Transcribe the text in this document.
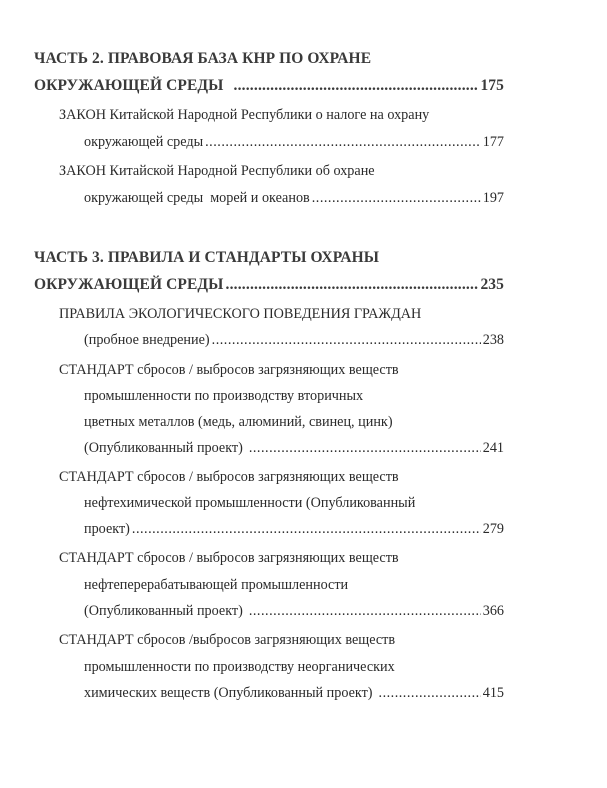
ЧАСТЬ 2. ПРАВОВАЯ БАЗА КНР ПО ОХРАНЕ
ОКРУЖАЮЩЕЙ СРЕДЫ .....	175
ЗАКОН Китайской Народной Республики о налоге на охрану
окружающей среды .....	177
ЗАКОН Китайской Народной Республики об охране
окружающей среды  морей и океанов .....	197
ЧАСТЬ 3. ПРАВИЛА И СТАНДАРТЫ ОХРАНЫ
ОКРУЖАЮЩЕЙ СРЕДЫ .....	235
ПРАВИЛА ЭКОЛОГИЧЕСКОГО ПОВЕДЕНИЯ ГРАЖДАН
(пробное внедрение) .....	238
СТАНДАРТ сбросов / выбросов загрязняющих веществ
промышленности по производству вторичных
цветных металлов (медь, алюминий, свинец, цинк)
(Опубликованный проект) .....	241
СТАНДАРТ сбросов / выбросов загрязняющих веществ
нефтехимической промышленности (Опубликованный
проект) .....	279
СТАНДАРТ сбросов / выбросов загрязняющих веществ
нефтеперерабатывающей промышленности
(Опубликованный проект) .....	366
СТАНДАРТ сбросов /выбросов загрязняющих веществ
промышленности по производству неорганических
химических веществ (Опубликованный проект) .....	415
